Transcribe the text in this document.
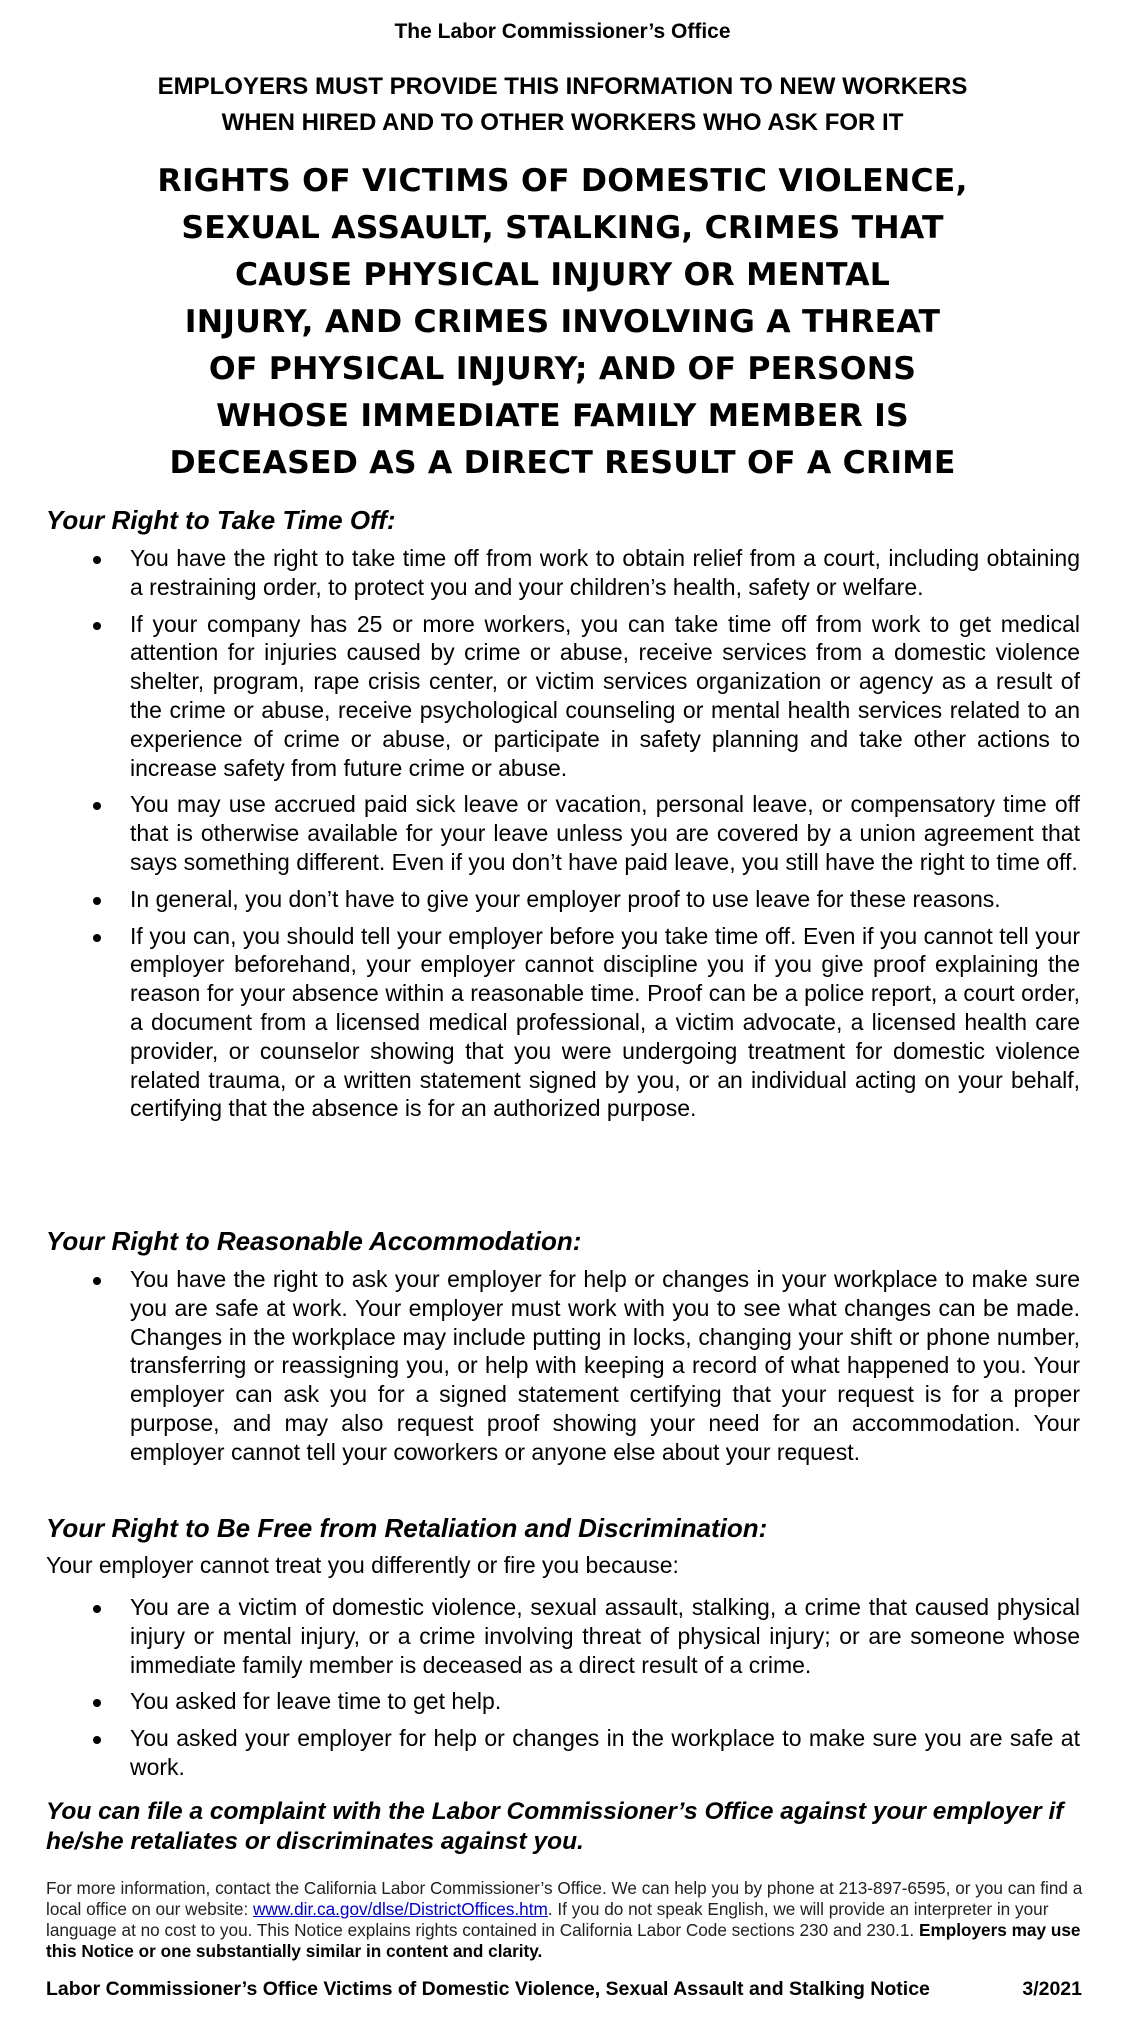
The Labor Commissioner’s Office
EMPLOYERS MUST PROVIDE THIS INFORMATION TO NEW WORKERS
WHEN HIRED AND TO OTHER WORKERS WHO ASK FOR IT
RIGHTS OF VICTIMS OF DOMESTIC VIOLENCE,
SEXUAL ASSAULT, STALKING, CRIMES THAT
CAUSE PHYSICAL INJURY OR MENTAL
INJURY, AND CRIMES INVOLVING A THREAT
OF PHYSICAL INJURY; AND OF PERSONS
WHOSE IMMEDIATE FAMILY MEMBER IS
DECEASED AS A DIRECT RESULT OF A CRIME
Your Right to Take Time Off:
You have the right to take time off from work to obtain relief from a court, including obtaining a restraining order, to protect you and your children’s health, safety or welfare.
If your company has 25 or more workers, you can take time off from work to get medical attention for injuries caused by crime or abuse, receive services from a domestic violence shelter, program, rape crisis center, or victim services organization or agency as a result of the crime or abuse, receive psychological counseling or mental health services related to an experience of crime or abuse, or participate in safety planning and take other actions to increase safety from future crime or abuse.
You may use accrued paid sick leave or vacation, personal leave, or compensatory time off that is otherwise available for your leave unless you are covered by a union agreement that says something different. Even if you don’t have paid leave, you still have the right to time off.
In general, you don’t have to give your employer proof to use leave for these reasons.
If you can, you should tell your employer before you take time off. Even if you cannot tell your employer beforehand, your employer cannot discipline you if you give proof explaining the reason for your absence within a reasonable time. Proof can be a police report, a court order, a document from a licensed medical professional, a victim advocate, a licensed health care provider, or counselor showing that you were undergoing treatment for domestic violence related trauma, or a written statement signed by you, or an individual acting on your behalf, certifying that the absence is for an authorized purpose.
Your Right to Reasonable Accommodation:
You have the right to ask your employer for help or changes in your workplace to make sure you are safe at work. Your employer must work with you to see what changes can be made. Changes in the workplace may include putting in locks, changing your shift or phone number, transferring or reassigning you, or help with keeping a record of what happened to you. Your employer can ask you for a signed statement certifying that your request is for a proper purpose, and may also request proof showing your need for an accommodation. Your employer cannot tell your coworkers or anyone else about your request.
Your Right to Be Free from Retaliation and Discrimination:
Your employer cannot treat you differently or fire you because:
You are a victim of domestic violence, sexual assault, stalking, a crime that caused physical injury or mental injury, or a crime involving threat of physical injury; or are someone whose immediate family member is deceased as a direct result of a crime.
You asked for leave time to get help.
You asked your employer for help or changes in the workplace to make sure you are safe at work.
You can file a complaint with the Labor Commissioner’s Office against your employer if he/she retaliates or discriminates against you.
For more information, contact the California Labor Commissioner’s Office. We can help you by phone at 213-897-6595, or you can find a local office on our website: www.dir.ca.gov/dlse/DistrictOffices.htm. If you do not speak English, we will provide an interpreter in your language at no cost to you. This Notice explains rights contained in California Labor Code sections 230 and 230.1. Employers may use this Notice or one substantially similar in content and clarity.
Labor Commissioner’s Office Victims of Domestic Violence, Sexual Assault and Stalking Notice	3/2021
